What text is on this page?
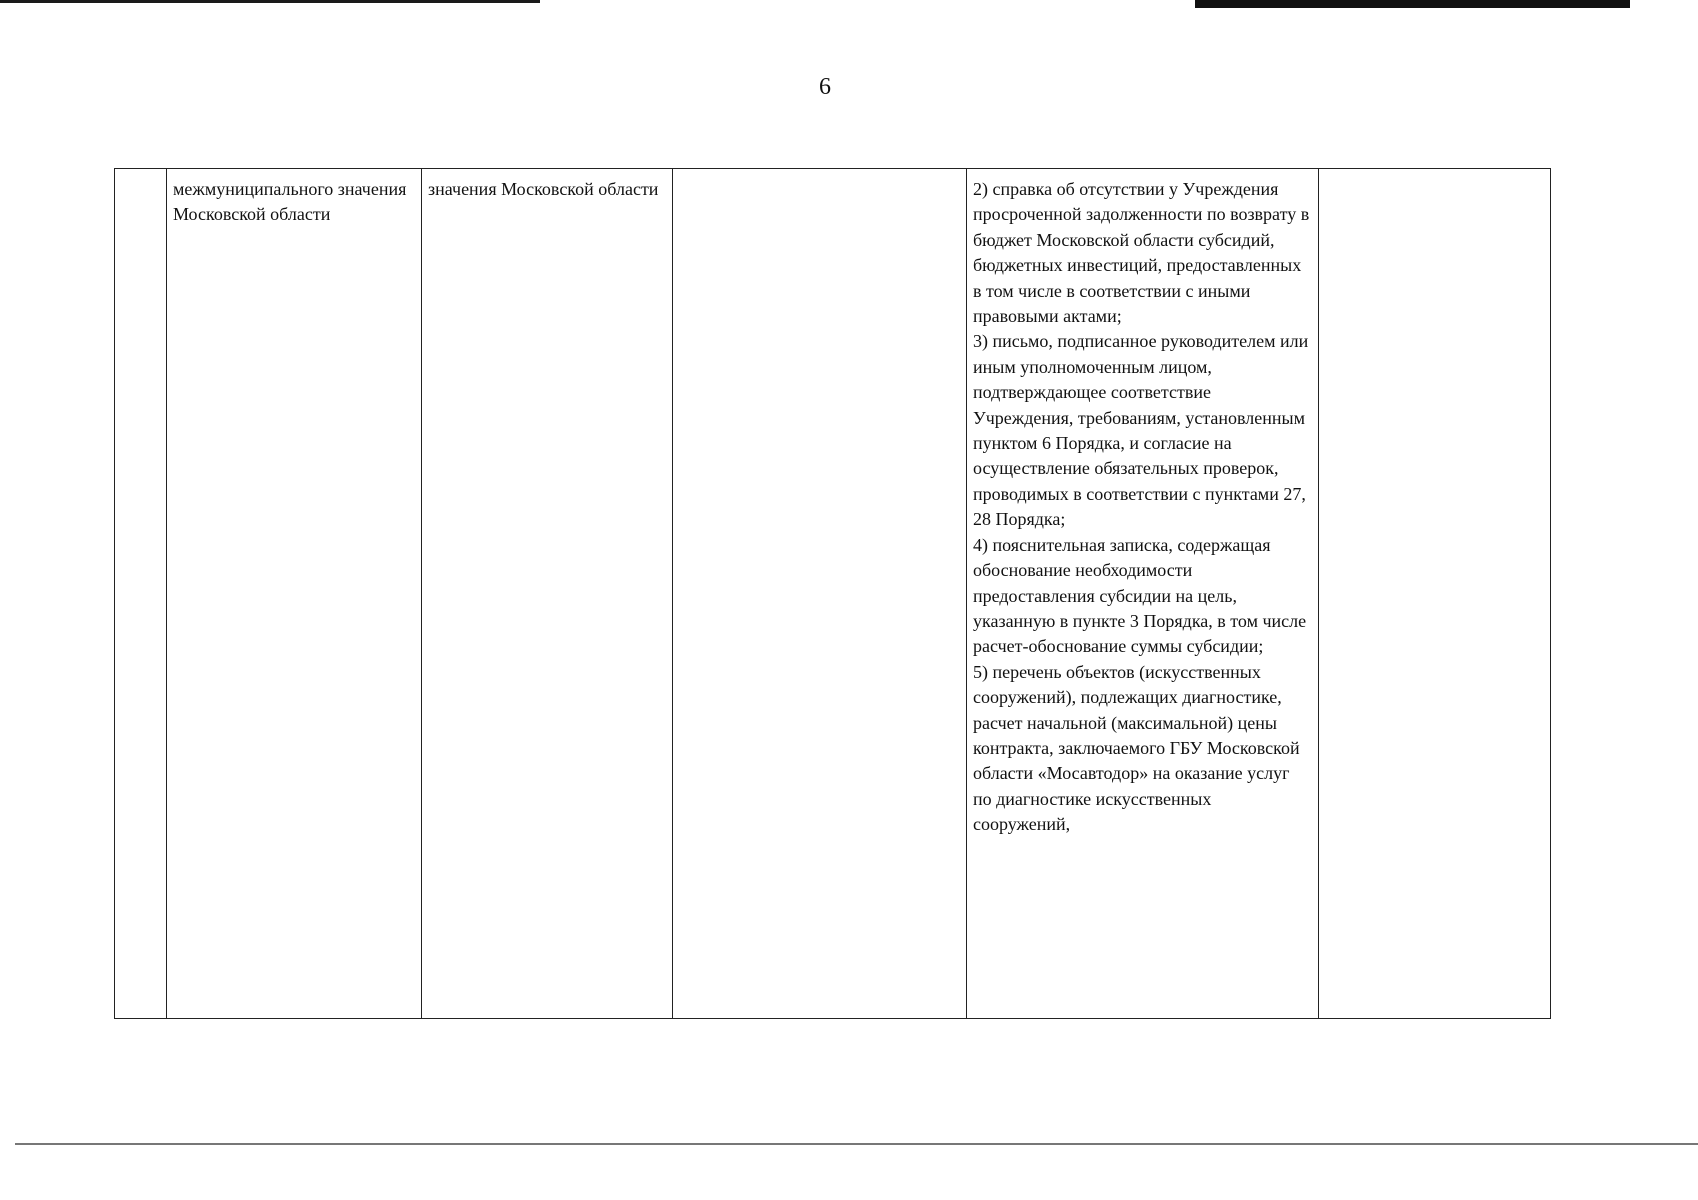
6
	межмуниципального значения Московской области	значения Московской области		2) справка об отсутствии у Учреждения просроченной задолженности по возврату в бюджет Московской области субсидий, бюджетных инвестиций, предоставленных в том числе в соответствии с иными правовыми актами;
3) письмо, подписанное руководителем или иным уполномоченным лицом, подтверждающее соответствие Учреждения, требованиям, установленным пунктом 6 Порядка, и согласие на осуществление обязательных проверок, проводимых в соответствии с пунктами 27, 28 Порядка;
4) пояснительная записка, содержащая обоснование необходимости предоставления субсидии на цель, указанную в пункте 3 Порядка, в том числе расчет-обоснование суммы субсидии;
5) перечень объектов (искусственных сооружений), подлежащих диагностике, расчет начальной (максимальной) цены контракта, заключаемого ГБУ Московской области «Мосавтодор» на оказание услуг по диагностике искусственных сооружений,	
